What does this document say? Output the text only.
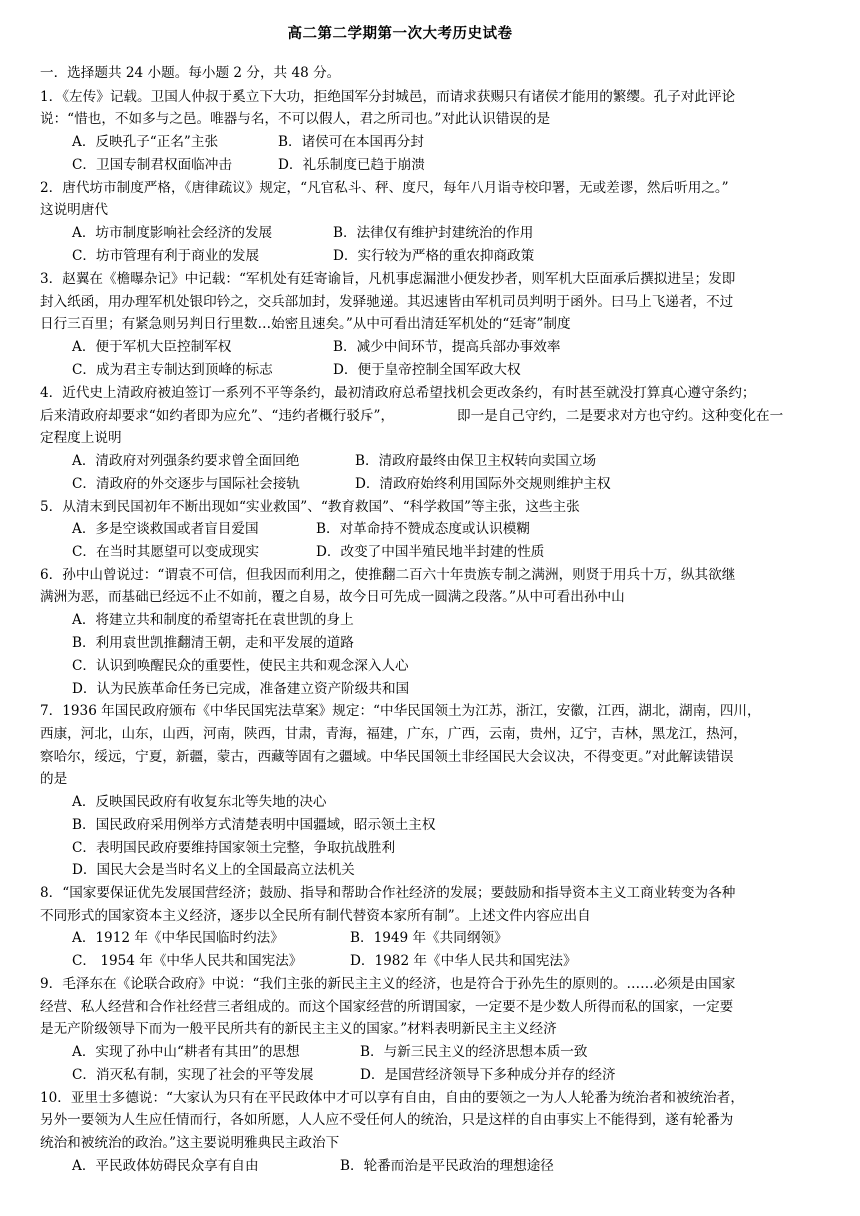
高二第二学期第一次大考历史试卷
一．选择题共 24 小题。每小题 2 分，共 48 分。
1．《左传》记载。卫国人仲叔于奚立下大功，拒绝国军分封城邑，而请求获赐只有诸侯才能用的繁缨。孔子对此评论
说：“惜也，不如多与之邑。唯器与名，不可以假人，君之所司也。”对此认识错误的是
A．反映孔子“正名”主张	B．诸侯可在本国再分封
C．卫国专制君权面临冲击	D．礼乐制度已趋于崩溃
2．唐代坊市制度严格，《唐律疏议》规定，“凡官私斗、秤、度尺，每年八月诣寺校印署，无或差谬，然后听用之。”
这说明唐代
A．坊市制度影响社会经济的发展	B．法律仅有维护封建统治的作用
C．坊市管理有利于商业的发展	D．实行较为严格的重农抑商政策
3．赵翼在《檐曝杂记》中记载：“军机处有廷寄谕旨，凡机事虑漏泄小便发抄者，则军机大臣面承后撰拟进呈；发即
封入纸函，用办理军机处银印钤之，交兵部加封，发驿驰递。其迟速皆由军机司员判明于函外。曰马上飞递者，不过
日行三百里；有紧急则另判日行里数…始密且速矣。”从中可看出清廷军机处的“廷寄”制度
A．便于军机大臣控制军权	B．减少中间环节，提高兵部办事效率
C．成为君主专制达到顶峰的标志	D．便于皇帝控制全国军政大权
4．近代史上清政府被迫签订一系列不平等条约，最初清政府总希望找机会更改条约，有时甚至就没打算真心遵守条约；
后来清政府却要求“如约者即为应允”、“违约者概行驳斥”，	即一是自己守约，二是要求对方也守约。这种变化在一
定程度上说明
A．清政府对列强条约要求曾全面回绝	B．清政府最终由保卫主权转向卖国立场
C．清政府的外交逐步与国际社会接轨	D．清政府始终利用国际外交规则维护主权
5．从清末到民国初年不断出现如“实业救国”、“教育救国”、“科学救国”等主张，这些主张
A．多是空谈救国或者盲目爱国	B．对革命持不赞成态度或认识模糊
C．在当时其愿望可以变成现实	D．改变了中国半殖民地半封建的性质
6．孙中山曾说过：“谓袁不可信，但我因而利用之，使推翻二百六十年贵族专制之满洲，则贤于用兵十万，纵其欲继
满洲为恶，而基础已经远不止不如前，覆之自易，故今日可先成一圆满之段落。”从中可看出孙中山
A．将建立共和制度的希望寄托在袁世凯的身上
B．利用袁世凯推翻清王朝，走和平发展的道路
C．认识到唤醒民众的重要性，使民主共和观念深入人心
D．认为民族革命任务已完成，准备建立资产阶级共和国
7．1936 年国民政府颁布《中华民国宪法草案》规定：“中华民国领土为江苏，浙江，安徽，江西，湖北，湖南，四川，
西康，河北，山东，山西，河南，陕西，甘肃，青海，福建，广东，广西，云南，贵州，辽宁，吉林，黑龙江，热河，
察哈尔，绥远，宁夏，新疆，蒙古，西藏等固有之疆域。中华民国领土非经国民大会议决，不得变更。”对此解读错误
的是
A．反映国民政府有收复东北等失地的决心
B．国民政府采用例举方式清楚表明中国疆域，昭示领土主权
C．表明国民政府要维持国家领土完整，争取抗战胜利
D．国民大会是当时名义上的全国最高立法机关
8．“国家要保证优先发展国营经济；鼓励、指导和帮助合作社经济的发展；要鼓励和指导资本主义工商业转变为各种
不同形式的国家资本主义经济，逐步以全民所有制代替资本家所有制”。上述文件内容应出自
A．1912 年《中华民国临时约法》	B．1949 年《共同纲领》
C． 1954 年《中华人民共和国宪法》	D．1982 年《中华人民共和国宪法》
9．毛泽东在《论联合政府》中说：“我们主张的新民主主义的经济，也是符合于孙先生的原则的。……必须是由国家
经营、私人经营和合作社经营三者组成的。而这个国家经营的所谓国家，一定要不是少数人所得而私的国家，一定要
是无产阶级领导下而为一般平民所共有的新民主主义的国家。”材料表明新民主主义经济
A．实现了孙中山“耕者有其田”的思想	B．与新三民主义的经济思想本质一致
C．消灭私有制，实现了社会的平等发展	D．是国营经济领导下多种成分并存的经济
10．亚里士多德说：“大家认为只有在平民政体中才可以享有自由，自由的要领之一为人人轮番为统治者和被统治者，
另外一要领为人生应任情而行，各如所愿，人人应不受任何人的统治，只是这样的自由事实上不能得到，遂有轮番为
统治和被统治的政治。”这主要说明雅典民主政治下
A．平民政体妨碍民众享有自由	B．轮番而治是平民政治的理想途径
